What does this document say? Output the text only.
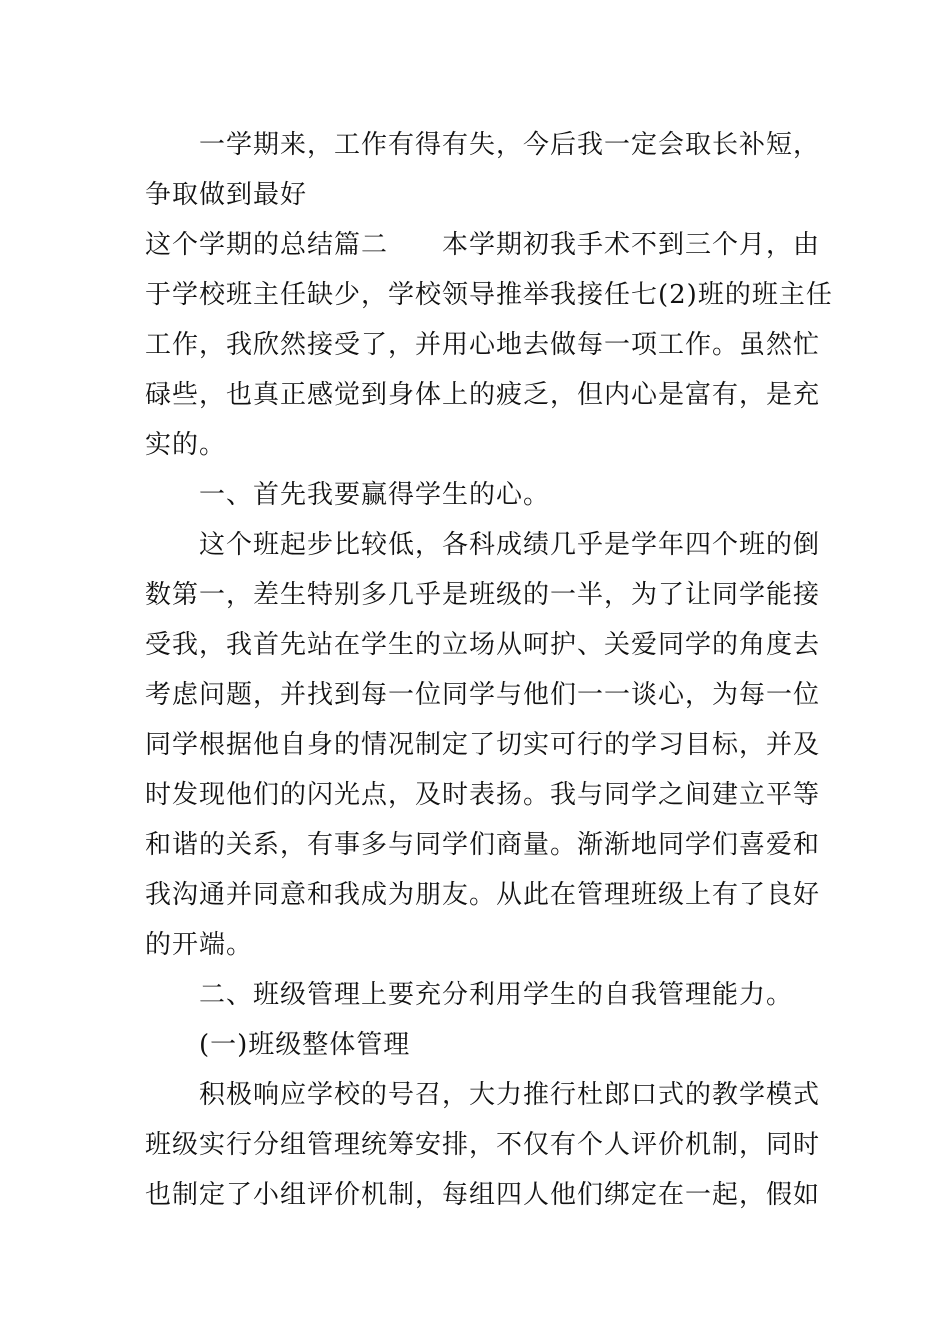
一学期来，工作有得有失，今后我一定会取长补短，
争取做到最好
这个学期的总结篇二　　本学期初我手术不到三个月，由
于学校班主任缺少，学校领导推举我接任七(2)班的班主任
工作，我欣然接受了，并用心地去做每一项工作。虽然忙
碌些，也真正感觉到身体上的疲乏，但内心是富有，是充
实的。
一、首先我要赢得学生的心。
这个班起步比较低，各科成绩几乎是学年四个班的倒
数第一，差生特别多几乎是班级的一半，为了让同学能接
受我，我首先站在学生的立场从呵护、关爱同学的角度去
考虑问题，并找到每一位同学与他们一一谈心，为每一位
同学根据他自身的情况制定了切实可行的学习目标，并及
时发现他们的闪光点，及时表扬。我与同学之间建立平等
和谐的关系，有事多与同学们商量。渐渐地同学们喜爱和
我沟通并同意和我成为朋友。从此在管理班级上有了良好
的开端。
二、班级管理上要充分利用学生的自我管理能力。
(一)班级整体管理
积极响应学校的号召，大力推行杜郎口式的教学模式
班级实行分组管理统筹安排，不仅有个人评价机制，同时
也制定了小组评价机制，每组四人他们绑定在一起，假如
